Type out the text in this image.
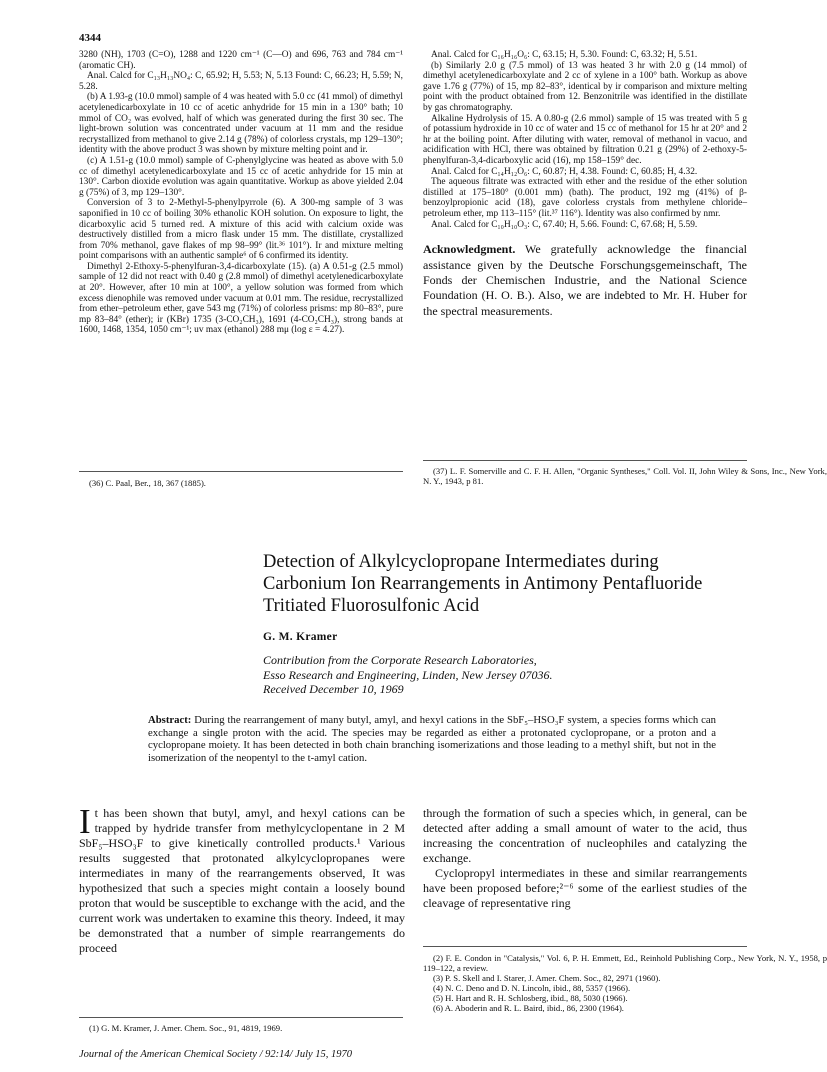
4344

3280 (NH), 1703 (C=O), 1288 and 1220 cm⁻¹ (C—O) and 696, 763 and 784 cm⁻¹ (aromatic CH).

Anal. Calcd for C₁₃H₁₃NO₄: C, 65.92; H, 5.53; N, 5.13 Found: C, 66.23; H, 5.59; N, 5.28.

(b) A 1.93-g (10.0 mmol) sample of 4 was heated with 5.0 cc (41 mmol) of dimethyl acetylenedicarboxylate in 10 cc of acetic anhydride for 15 min in a 130° bath; 10 mmol of CO₂ was evolved, half of which was generated during the first 30 sec. The light-brown solution was concentrated under vacuum at 11 mm and the residue recrystallized from methanol to give 2.14 g (78%) of colorless crystals, mp 129–130°; identity with the above product 3 was shown by mixture melting point and ir.

(c) A 1.51-g (10.0 mmol) sample of C-phenylglycine was heated as above with 5.0 cc of dimethyl acetylenedicarboxylate and 15 cc of acetic anhydride for 15 min at 130°. Carbon dioxide evolution was again quantitative. Workup as above yielded 2.04 g (75%) of 3, mp 129–130°.

Conversion of 3 to 2-Methyl-5-phenylpyrrole (6). A 300-mg sample of 3 was saponified in 10 cc of boiling 30% ethanolic KOH solution. On exposure to light, the dicarboxylic acid 5 turned red. A mixture of this acid with calcium oxide was destructively distilled from a micro flask under 15 mm. The distillate, crystallized from 70% methanol, gave flakes of mp 98–99° (lit.³⁶ 101°). Ir and mixture melting point comparisons with an authentic sample⁶ of 6 confirmed its identity.

Dimethyl 2-Ethoxy-5-phenylfuran-3,4-dicarboxylate (15). (a) A 0.51-g (2.5 mmol) sample of 12 did not react with 0.40 g (2.8 mmol) of dimethyl acetylenedicarboxylate at 20°. However, after 10 min at 100°, a yellow solution was formed from which excess dienophile was removed under vacuum at 0.01 mm. The residue, recrystallized from ether–petroleum ether, gave 543 mg (71%) of colorless prisms: mp 80–83°, pure mp 83–84° (ether); ir (KBr) 1735 (3-CO₂CH₃), 1691 (4-CO₂CH₃), strong bands at 1600, 1468, 1354, 1050 cm⁻¹; uv max (ethanol) 288 mμ (log ε = 4.27).

(36) C. Paal, Ber., 18, 367 (1885).

Anal. Calcd for C₁₆H₁₆O₆: C, 63.15; H, 5.30. Found: C, 63.32; H, 5.51.

(b) Similarly 2.0 g (7.5 mmol) of 13 was heated 3 hr with 2.0 g (14 mmol) of dimethyl acetylenedicarboxylate and 2 cc of xylene in a 100° bath. Workup as above gave 1.76 g (77%) of 15, mp 82–83°, identical by ir comparison and mixture melting point with the product obtained from 12. Benzonitrile was identified in the distillate by gas chromatography.

Alkaline Hydrolysis of 15. A 0.80-g (2.6 mmol) sample of 15 was treated with 5 g of potassium hydroxide in 10 cc of water and 15 cc of methanol for 15 hr at 20° and 2 hr at the boiling point. After diluting with water, removal of methanol in vacuo, and acidification with HCl, there was obtained by filtration 0.21 g (29%) of 2-ethoxy-5-phenylfuran-3,4-dicarboxylic acid (16), mp 158–159° dec.

Anal. Calcd for C₁₄H₁₂O₆: C, 60.87; H, 4.38. Found: C, 60.85; H, 4.32.

The aqueous filtrate was extracted with ether and the residue of the ether solution distilled at 175–180° (0.001 mm) (bath). The product, 192 mg (41%) of β-benzoylpropionic acid (18), gave colorless crystals from methylene chloride–petroleum ether, mp 113–115° (lit.³⁷ 116°). Identity was also confirmed by nmr.

Anal. Calcd for C₁₀H₁₀O₃: C, 67.40; H, 5.66. Found: C, 67.68; H, 5.59.

Acknowledgment. We gratefully acknowledge the financial assistance given by the Deutsche Forschungsgemeinschaft, The Fonds der Chemischen Industrie, and the National Science Foundation (H. O. B.). Also, we are indebted to Mr. H. Huber for the spectral measurements.

(37) L. F. Somerville and C. F. H. Allen, "Organic Syntheses," Coll. Vol. II, John Wiley & Sons, Inc., New York, N. Y., 1943, p 81.

Detection of Alkylcyclopropane Intermediates during
Carbonium Ion Rearrangements in Antimony Pentafluoride
Tritiated Fluorosulfonic Acid
G. M. Kramer
Contribution from the Corporate Research Laboratories,
Esso Research and Engineering, Linden, New Jersey 07036.
Received December 10, 1969
Abstract: During the rearrangement of many butyl, amyl, and hexyl cations in the SbF₅–HSO₃F system, a species forms which can exchange a single proton with the acid. The species may be regarded as either a protonated cyclopropane, or a proton and a cyclopropane moiety. It has been detected in both chain branching isomerizations and those leading to a methyl shift, but not in the isomerization of the neopentyl to the t-amyl cation.

It has been shown that butyl, amyl, and hexyl cations can be trapped by hydride transfer from methylcyclopentane in 2 M SbF₅–HSO₃F to give kinetically controlled products.¹ Various results suggested that protonated alkylcyclopropanes were intermediates in many of the rearrangements observed, It was hypothesized that such a species might contain a loosely bound proton that would be susceptible to exchange with the acid, and the current work was undertaken to examine this theory. Indeed, it may be demonstrated that a number of simple rearrangements do proceed

through the formation of such a species which, in general, can be detected after adding a small amount of water to the acid, thus increasing the concentration of nucleophiles and catalyzing the exchange.

Cyclopropyl intermediates in these and similar rearrangements have been proposed before;²⁻⁶ some of the earliest studies of the cleavage of representative ring

(2) F. E. Condon in "Catalysis," Vol. 6, P. H. Emmett, Ed., Reinhold Publishing Corp., New York, N. Y., 1958, p 119–122, a review.

(3) P. S. Skell and I. Starer, J. Amer. Chem. Soc., 82, 2971 (1960).

(4) N. C. Deno and D. N. Lincoln, ibid., 88, 5357 (1966).

(5) H. Hart and R. H. Schlosberg, ibid., 88, 5030 (1966).

(6) A. Aboderin and R. L. Baird, ibid., 86, 2300 (1964).

(1) G. M. Kramer, J. Amer. Chem. Soc., 91, 4819, 1969.

Journal of the American Chemical Society / 92:14/ July 15, 1970
